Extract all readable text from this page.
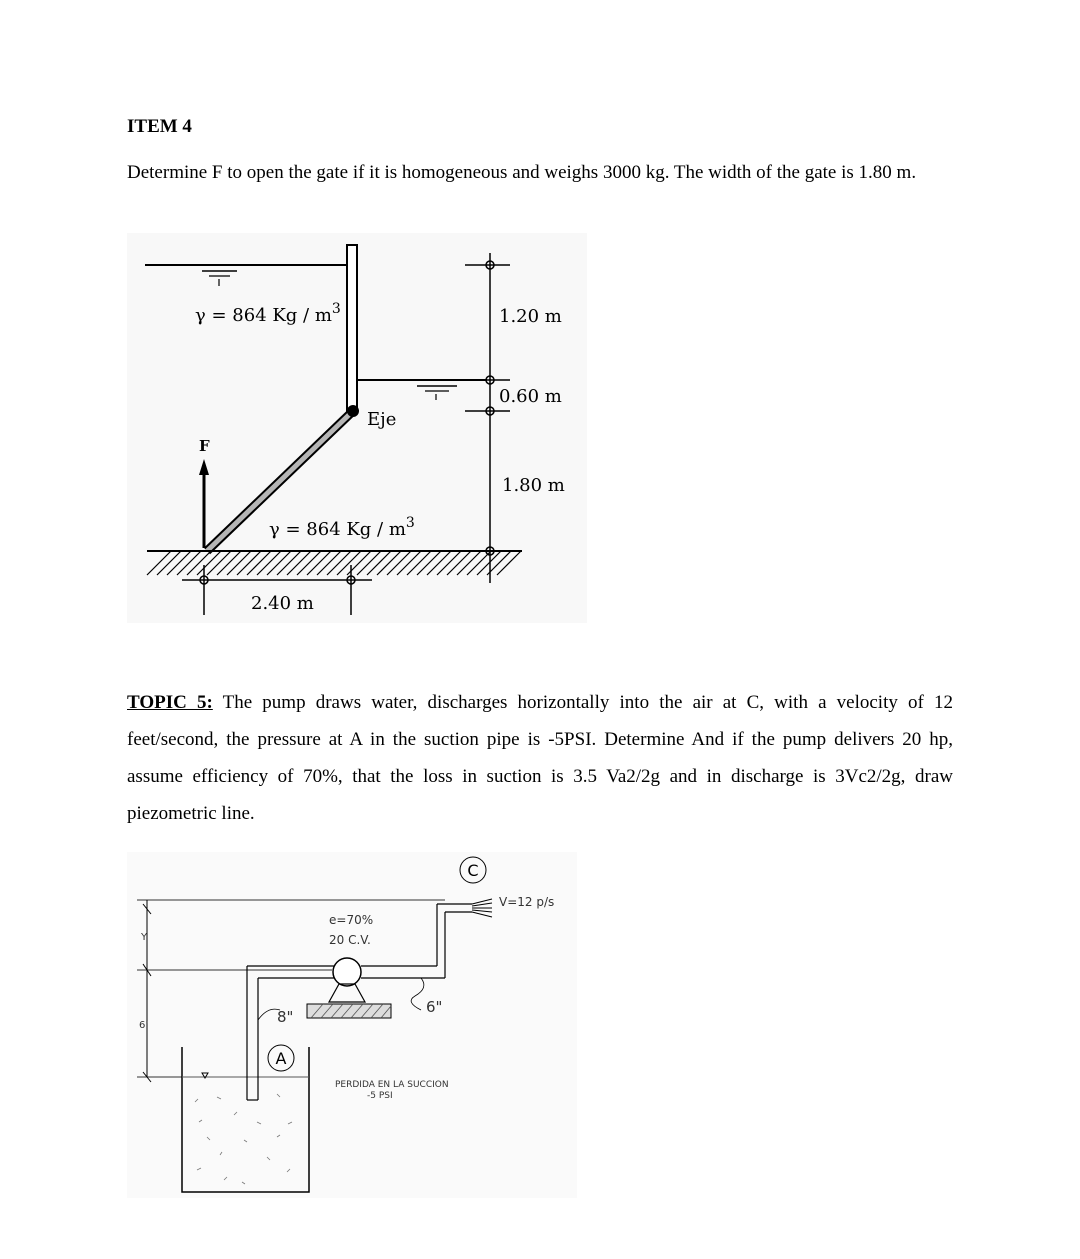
ITEM 4
Determine F to open the gate if it is homogeneous and weighs 3000 kg. The width of the gate is 1.80 m.
γ = 864 Kg / $m^3$
γ = 864 Kg / $m^3$
F
Eje
1.20 m
0.60 m
1.80 m
2.40 m
TOPIC 5: The pump draws water, discharges horizontally into the air at C, with a velocity of 12 feet/second, the pressure at A in the suction pipe is -5PSI. Determine And if the pump delivers 20 hp, assume efficiency of 70%, that the loss in suction is 3.5 Va2/2g and in discharge is 3Vc2/2g, draw piezometric line.
C
A
V=12 p/s
e=70%
20 C.V.
Y
6'	8"
6"
PERDIDA EN LA SUCCION
-5 PSI
